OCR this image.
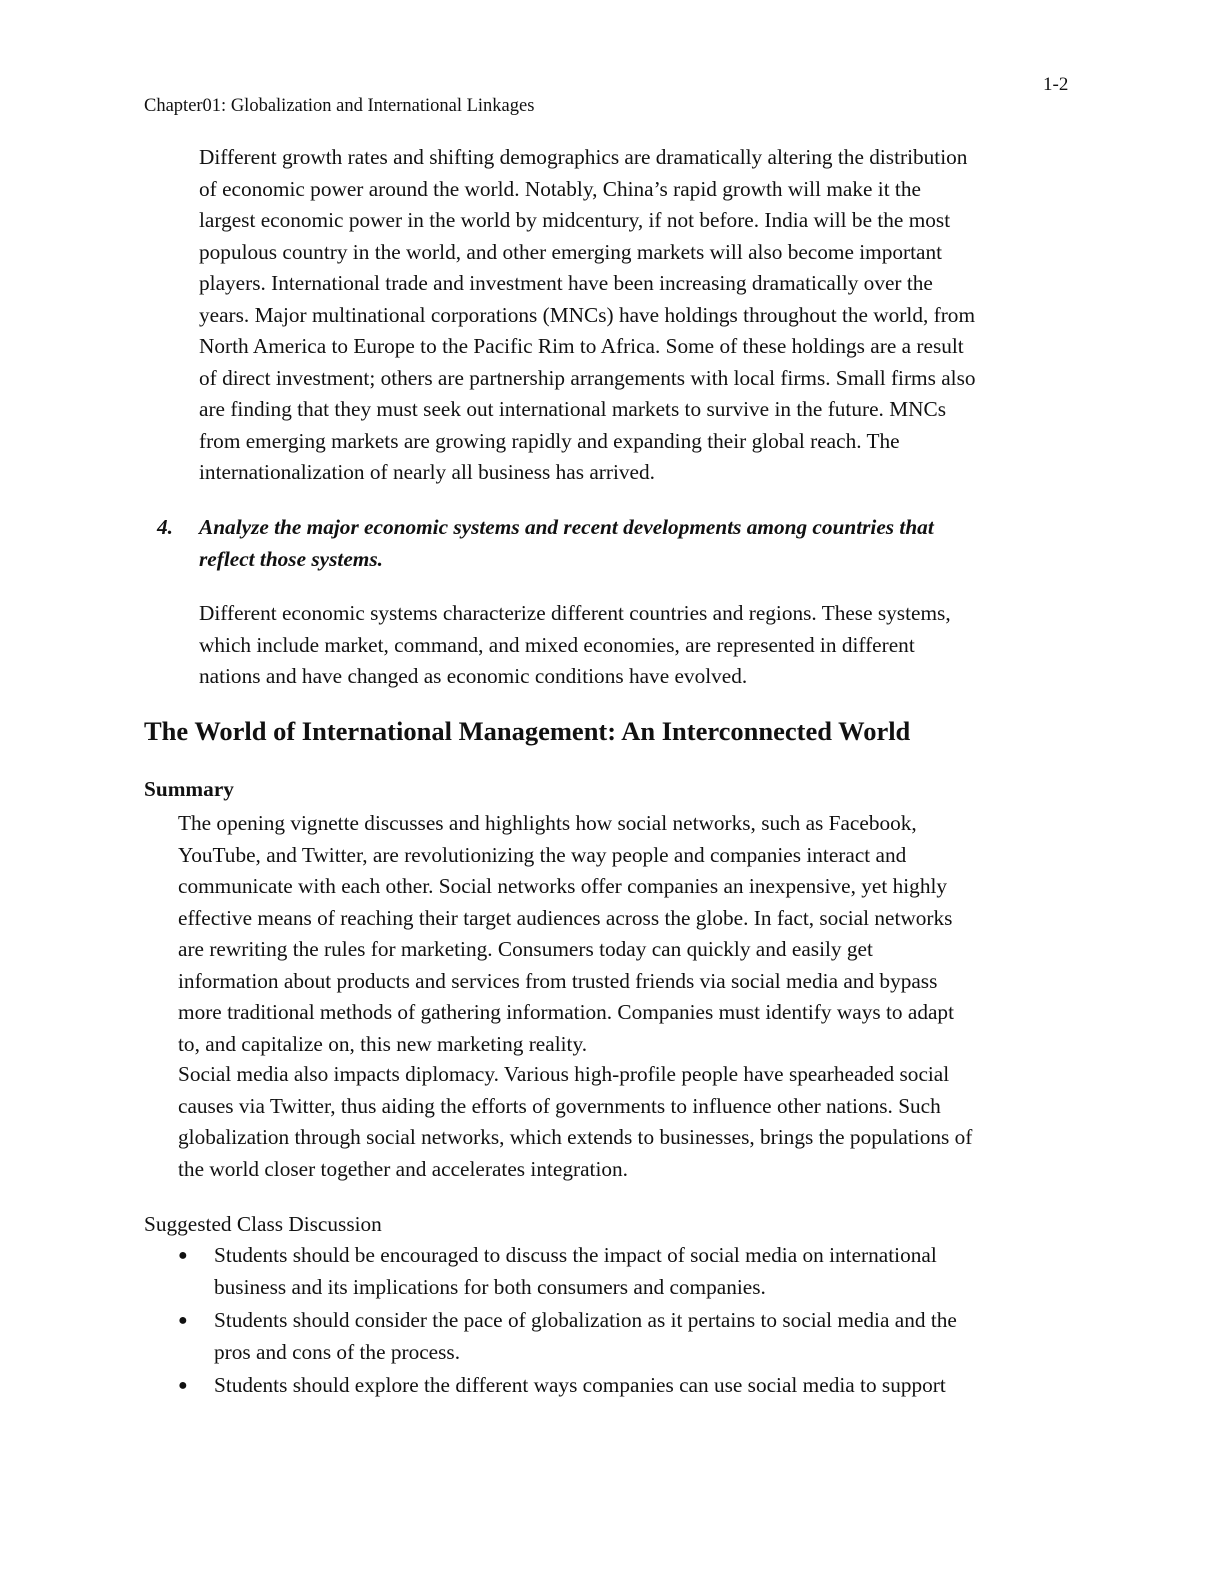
1-2
Chapter01: Globalization and International Linkages
Different growth rates and shifting demographics are dramatically altering the distribution
of economic power around the world. Notably, China’s rapid growth will make it the
largest economic power in the world by midcentury, if not before. India will be the most
populous country in the world, and other emerging markets will also become important
players. International trade and investment have been increasing dramatically over the
years. Major multinational corporations (MNCs) have holdings throughout the world, from
North America to Europe to the Pacific Rim to Africa. Some of these holdings are a result
of direct investment; others are partnership arrangements with local firms. Small firms also
are finding that they must seek out international markets to survive in the future. MNCs
from emerging markets are growing rapidly and expanding their global reach. The
internationalization of nearly all business has arrived.
4. Analyze the major economic systems and recent developments among countries that
reflect those systems.
Different economic systems characterize different countries and regions. These systems,
which include market, command, and mixed economies, are represented in different
nations and have changed as economic conditions have evolved.
The World of International Management: An Interconnected World
Summary
The opening vignette discusses and highlights how social networks, such as Facebook,
YouTube, and Twitter, are revolutionizing the way people and companies interact and
communicate with each other. Social networks offer companies an inexpensive, yet highly
effective means of reaching their target audiences across the globe. In fact, social networks
are rewriting the rules for marketing. Consumers today can quickly and easily get
information about products and services from trusted friends via social media and bypass
more traditional methods of gathering information. Companies must identify ways to adapt
to, and capitalize on, this new marketing reality.
Social media also impacts diplomacy. Various high-profile people have spearheaded social
causes via Twitter, thus aiding the efforts of governments to influence other nations. Such
globalization through social networks, which extends to businesses, brings the populations of
the world closer together and accelerates integration.
Suggested Class Discussion
● Students should be encouraged to discuss the impact of social media on international
business and its implications for both consumers and companies.
● Students should consider the pace of globalization as it pertains to social media and the
pros and cons of the process.
● Students should explore the different ways companies can use social media to support
